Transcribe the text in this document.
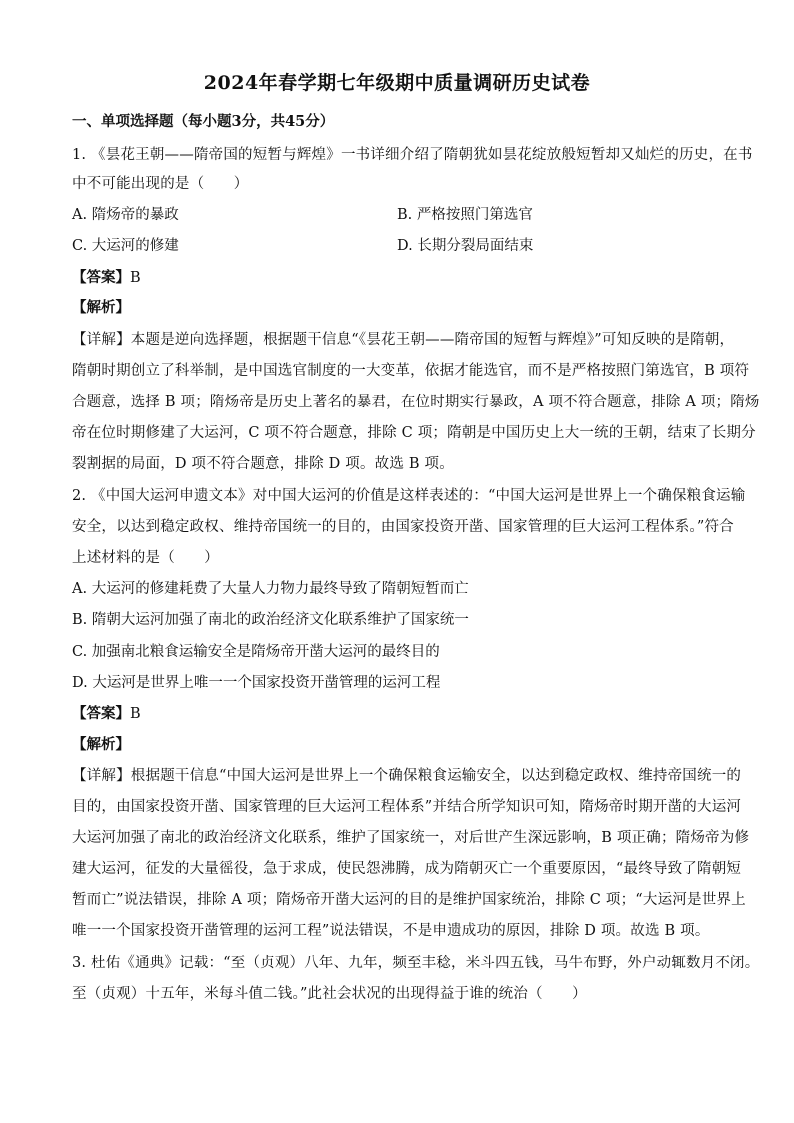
2024年春学期七年级期中质量调研历史试卷
一、单项选择题（每小题3分，共45分）
1. 《昙花王朝——隋帝国的短暂与辉煌》一书详细介绍了隋朝犹如昙花绽放般短暂却又灿烂的历史，在书
中不可能出现的是（　　）
A. 隋炀帝的暴政	B. 严格按照门第选官
C. 大运河的修建	D. 长期分裂局面结束
【答案】B
【解析】
【详解】本题是逆向选择题，根据题干信息“《昙花王朝——隋帝国的短暂与辉煌》”可知反映的是隋朝，
隋朝时期创立了科举制，是中国选官制度的一大变革，依据才能选官，而不是严格按照门第选官，B 项符
合题意，选择 B 项；隋炀帝是历史上著名的暴君，在位时期实行暴政，A 项不符合题意，排除 A 项；隋炀
帝在位时期修建了大运河，C 项不符合题意，排除 C 项；隋朝是中国历史上大一统的王朝，结束了长期分
裂割据的局面，D 项不符合题意，排除 D 项。故选 B 项。
2. 《中国大运河申遗文本》对中国大运河的价值是这样表述的：“中国大运河是世界上一个确保粮食运输
安全，以达到稳定政权、维持帝国统一的目的，由国家投资开凿、国家管理的巨大运河工程体系。”符合
上述材料的是（　　）
A. 大运河的修建耗费了大量人力物力最终导致了隋朝短暂而亡
B. 隋朝大运河加强了南北的政治经济文化联系维护了国家统一
C. 加强南北粮食运输安全是隋炀帝开凿大运河的最终目的
D. 大运河是世界上唯一一个国家投资开凿管理的运河工程
【答案】B
【解析】
【详解】根据题干信息“中国大运河是世界上一个确保粮食运输安全，以达到稳定政权、维持帝国统一的
目的，由国家投资开凿、国家管理的巨大运河工程体系”并结合所学知识可知，隋炀帝时期开凿的大运河
大运河加强了南北的政治经济文化联系，维护了国家统一，对后世产生深远影响，B 项正确；隋炀帝为修
建大运河，征发的大量徭役，急于求成，使民怨沸腾，成为隋朝灭亡一个重要原因，“最终导致了隋朝短
暂而亡”说法错误，排除 A 项；隋炀帝开凿大运河的目的是维护国家统治，排除 C 项；“大运河是世界上
唯一一个国家投资开凿管理的运河工程”说法错误，不是申遗成功的原因，排除 D 项。故选 B 项。
3. 杜佑《通典》记载：“至（贞观）八年、九年，频至丰稔，米斗四五钱，马牛布野，外户动辄数月不闭。
至（贞观）十五年，米每斗值二钱。”此社会状况的出现得益于谁的统治（　　）
